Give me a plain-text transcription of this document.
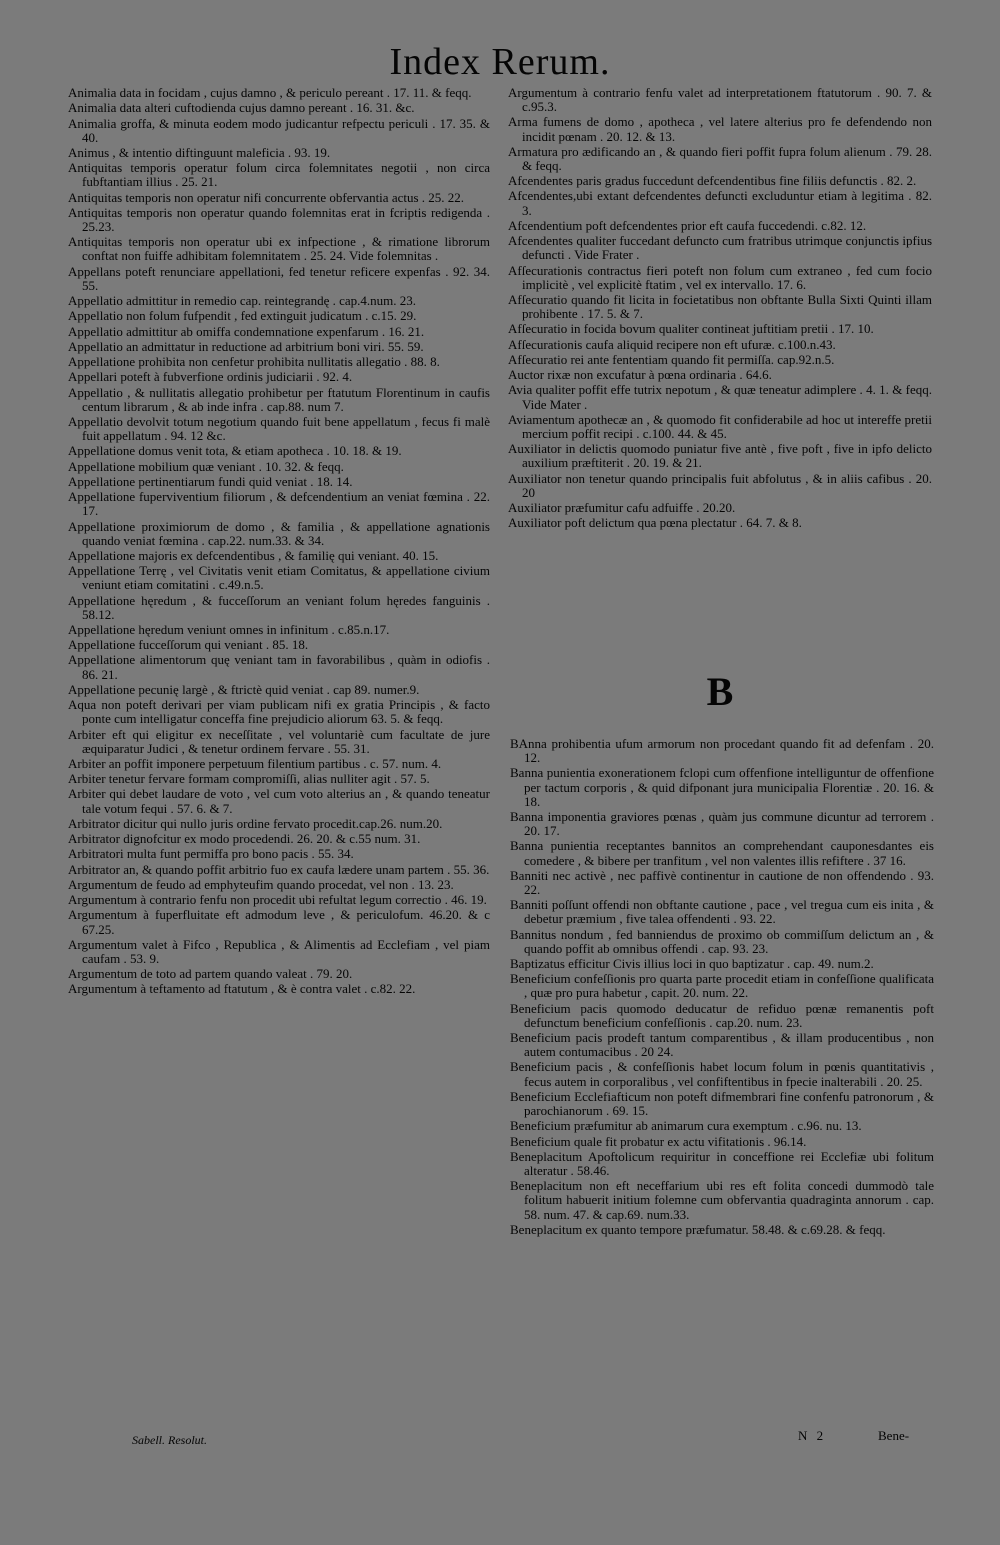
Index Rerum.

Animalia data in focidam , cujus damno , & periculo pereant . 17. 11. & feqq.

Animalia data alteri cuftodienda cujus damno pereant . 16. 31. &c.

Animalia groffa, & minuta eodem modo judicantur refpectu periculi . 17. 35. & 40.

Animus , & intentio diftinguunt maleficia . 93. 19.

Antiquitas temporis operatur folum circa folemnitates negotii , non circa fubftantiam illius . 25. 21.

Antiquitas temporis non operatur nifi concurrente obfervantia actus . 25. 22.

Antiquitas temporis non operatur quando folemnitas erat in fcriptis redigenda . 25.23.

Antiquitas temporis non operatur ubi ex infpectione , & rimatione librorum conftat non fuiffe adhibitam folemnitatem . 25. 24. Vide folemnitas .

Appellans poteft renunciare appellationi, fed tenetur reficere expenfas . 92. 34. 55.

Appellatio admittitur in remedio cap. reintegrandę . cap.4.num. 23.

Appellatio non folum fufpendit , fed extinguit judicatum . c.15. 29.

Appellatio admittitur ab omiffa condemnatione expenfarum . 16. 21.

Appellatio an admittatur in reductione ad arbitrium boni viri. 55. 59.

Appellatione prohibita non cenfetur prohibita nullitatis allegatio . 88. 8.

Appellari poteft à fubverfione ordinis judiciarii . 92. 4.

Appellatio , & nullitatis allegatio prohibetur per ftatutum Florentinum in caufis centum librarum , & ab inde infra . cap.88. num 7.

Appellatio devolvit totum negotium quando fuit bene appellatum , fecus fi malè fuit appellatum . 94. 12 &c.

Appellatione domus venit tota, & etiam apotheca . 10. 18. & 19.

Appellatione mobilium quæ veniant . 10. 32. & feqq.

Appellatione pertinentiarum fundi quid veniat . 18. 14.

Appellatione fuperviventium filiorum , & defcendentium an veniat fœmina . 22. 17.

Appellatione proximiorum de domo , & familia , & appellatione agnationis quando veniat fœmina . cap.22. num.33. & 34.

Appellatione majoris ex defcendentibus , & familię qui veniant. 40. 15.

Appellatione Terrę , vel Civitatis venit etiam Comitatus, & appellatione civium veniunt etiam comitatini . c.49.n.5.

Appellatione hęredum , & fucceſſorum an veniant folum hęredes fanguinis . 58.12.

Appellatione hęredum veniunt omnes in infinitum . c.85.n.17.

Appellatione fucceſſorum qui veniant . 85. 18.

Appellatione alimentorum quę veniant tam in favorabilibus , quàm in odiofis . 86. 21.

Appellatione pecunię largè , & ftrictè quid veniat . cap 89. numer.9.

Aqua non poteft derivari per viam publicam nifi ex gratia Principis , & facto ponte cum intelligatur conceffa fine prejudicio aliorum 63. 5. & feqq.

Arbiter eft qui eligitur ex neceſſitate , vel voluntariè cum facultate de jure æquiparatur Judici , & tenetur ordinem fervare . 55. 31.

Arbiter an poffit imponere perpetuum filentium partibus . c. 57. num. 4.

Arbiter tenetur fervare formam compromiſſi, alias nulliter agit . 57. 5.

Arbiter qui debet laudare de voto , vel cum voto alterius an , & quando teneatur tale votum fequi . 57. 6. & 7.

Arbitrator dicitur qui nullo juris ordine fervato procedit.cap.26. num.20.

Arbitrator dignofcitur ex modo procedendi. 26. 20. & c.55 num. 31.

Arbitratori multa funt permiffa pro bono pacis . 55. 34.

Arbitrator an, & quando poffit arbitrio fuo ex caufa lædere unam partem . 55. 36.

Argumentum de feudo ad emphyteufim quando procedat, vel non . 13. 23.

Argumentum à contrario fenfu non procedit ubi refultat legum correctio . 46. 19.

Argumentum à fuperfluitate eft admodum leve , & periculofum. 46.20. & c 67.25.

Argumentum valet à Fifco , Republica , & Alimentis ad Ecclefiam , vel piam caufam . 53. 9.

Argumentum de toto ad partem quando valeat . 79. 20.

Argumentum à teftamento ad ftatutum , & è contra valet . c.82. 22.

Argumentum à contrario fenfu valet ad interpretationem ftatutorum . 90. 7. & c.95.3.

Arma fumens de domo , apotheca , vel latere alterius pro fe defendendo non incidit pœnam . 20. 12. & 13.

Armatura pro ædificando an , & quando fieri poffit fupra folum alienum . 79. 28. & feqq.

Afcendentes paris gradus fuccedunt defcendentibus fine filiis defunctis . 82. 2.

Afcendentes,ubi extant defcendentes defuncti excluduntur etiam à legitima . 82. 3.

Afcendentium poft defcendentes prior eft caufa fuccedendi. c.82. 12.

Afcendentes qualiter fuccedant defuncto cum fratribus utrimque conjunctis ipfius defuncti . Vide Frater .

Afſecurationis contractus fieri poteft non folum cum extraneo , fed cum focio implicitè , vel explicitè ftatim , vel ex intervallo. 17. 6.

Afſecuratio quando fit licita in focietatibus non obftante Bulla Sixti Quinti illam prohibente . 17. 5. & 7.

Afſecuratio in focida bovum qualiter contineat juftitiam pretii . 17. 10.

Afſecurationis caufa aliquid recipere non eft ufuræ. c.100.n.43.

Afſecuratio rei ante fententiam quando fit permiſſa. cap.92.n.5.

Auctor rixæ non excufatur à pœna ordinaria . 64.6.

Avia qualiter poffit effe tutrix nepotum , & quæ teneatur adimplere . 4. 1. & feqq. Vide Mater .

Aviamentum apothecæ an , & quomodo fit confiderabile ad hoc ut intereffe pretii mercium poffit recipi . c.100. 44. & 45.

Auxiliator in delictis quomodo puniatur five antè , five poft , five in ipfo delicto auxilium præftiterit . 20. 19. & 21.

Auxiliator non tenetur quando principalis fuit abfolutus , & in aliis cafibus . 20. 20

Auxiliator præfumitur cafu adfuiffe . 20.20.

Auxiliator poft delictum qua pœna plectatur . 64. 7. & 8.

B

BAnna prohibentia ufum armorum non procedant quando fit ad defenfam . 20. 12.

Banna punientia exonerationem fclopi cum offenfione intelliguntur de offenfione per tactum corporis , & quid difponant jura municipalia Florentiæ . 20. 16. & 18.

Banna imponentia graviores pœnas , quàm jus commune dicuntur ad terrorem . 20. 17.

Banna punientia receptantes bannitos an comprehendant cauponesdantes eis comedere , & bibere per tranfitum , vel non valentes illis refiftere . 37 16.

Banniti nec activè , nec paffivè continentur in cautione de non offendendo . 93. 22.

Banniti poſſunt offendi non obftante cautione , pace , vel tregua cum eis inita , & debetur præmium , five talea offendenti . 93. 22.

Bannitus nondum , fed banniendus de proximo ob commiſſum delictum an , & quando poffit ab omnibus offendi . cap. 93. 23.

Baptizatus efficitur Civis illius loci in quo baptizatur . cap. 49. num.2.

Beneficium confeſſionis pro quarta parte procedit etiam in confeſſione qualificata , quæ pro pura habetur , capit. 20. num. 22.

Beneficium pacis quomodo deducatur de refiduo pœnæ remanentis poft defunctum beneficium confeſſionis . cap.20. num. 23.

Beneficium pacis prodeft tantum comparentibus , & illam producentibus , non autem contumacibus . 20 24.

Beneficium pacis , & confeſſionis habet locum folum in pœnis quantitativis , fecus autem in corporalibus , vel confiftentibus in fpecie inalterabili . 20. 25.

Beneficium Ecclefiafticum non poteft difmembrari fine confenfu patronorum , & parochianorum . 69. 15.

Beneficium præfumitur ab animarum cura exemptum . c.96. nu. 13.

Beneficium quale fit probatur ex actu vifitationis . 96.14.

Beneplacitum Apoftolicum requiritur in conceffione rei Ecclefiæ ubi folitum alteratur . 58.46.

Beneplacitum non eft neceffarium ubi res eft folita concedi dummodò tale folitum habuerit initium folemne cum obfervantia quadraginta annorum . cap. 58. num. 47. & cap.69. num.33.

Beneplacitum ex quanto tempore præfumatur. 58.48. & c.69.28. & feqq.

Sabell. Resolut.	N 2	Bene-
